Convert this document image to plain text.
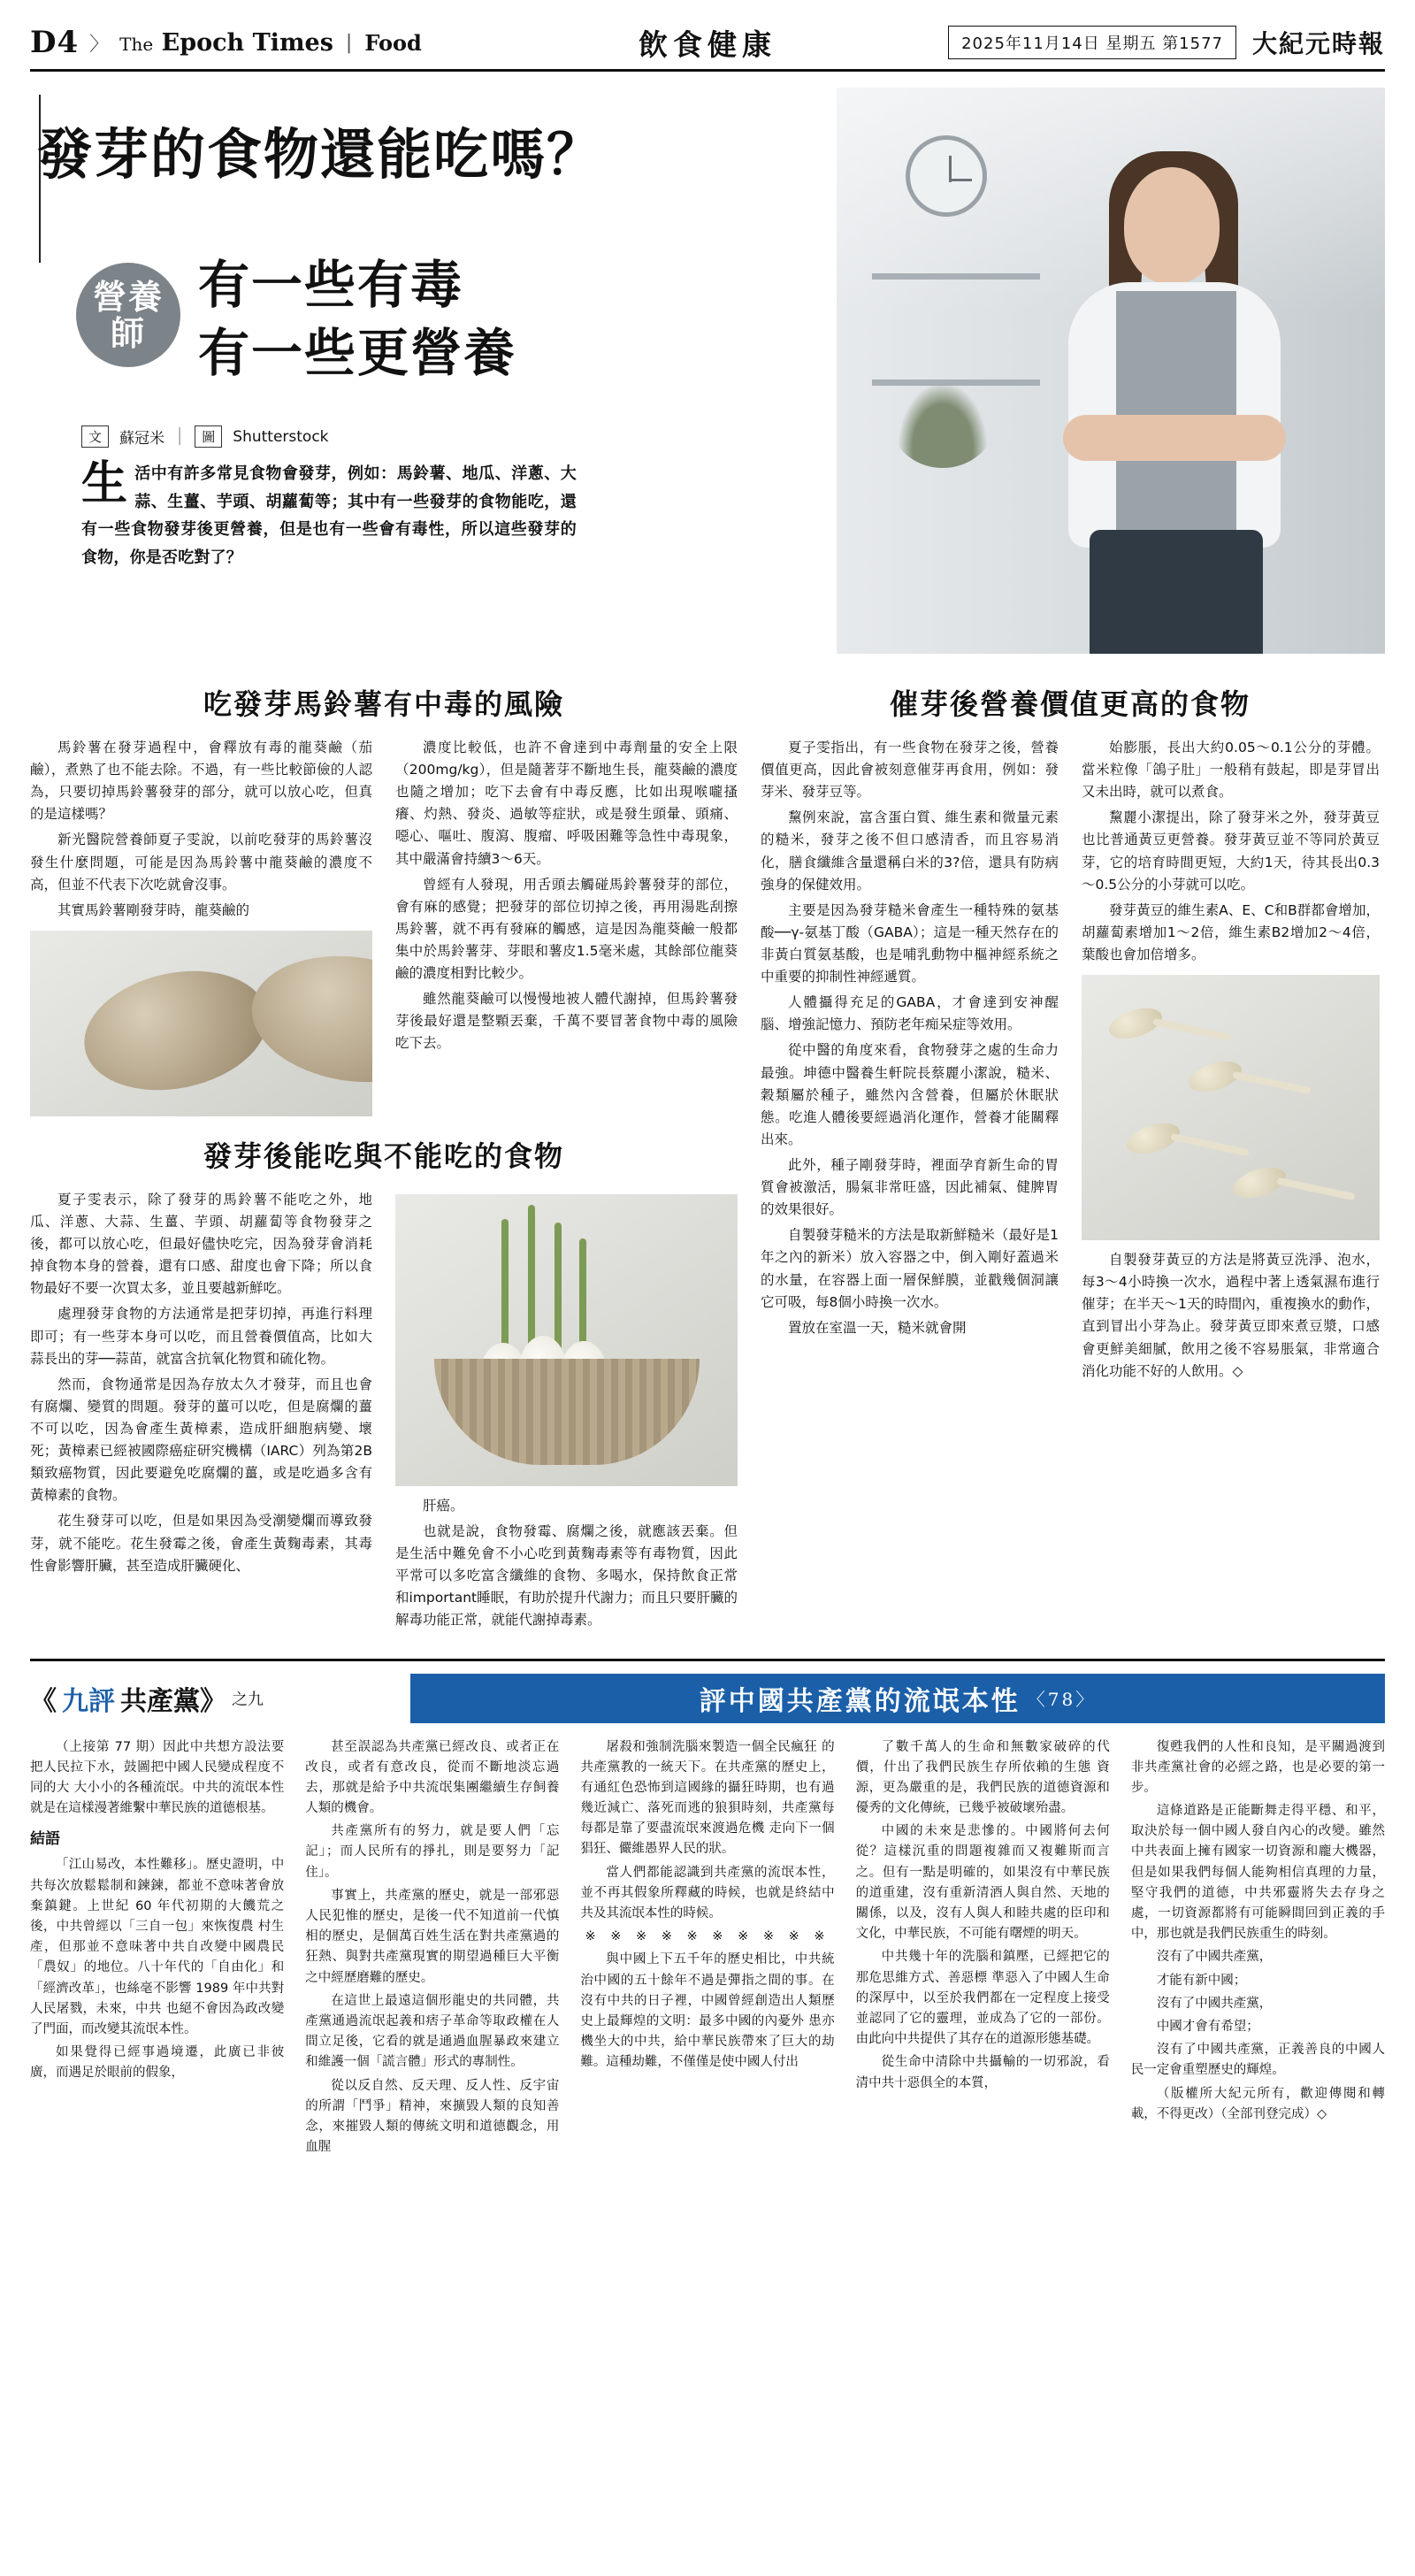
D4 〉 The Epoch Times | Food	飲食健康	2025年11月14日 星期五 第1577	大紀元時報
發芽的食物還能吃嗎？
營養
師
有一些有毒
有一些更營養
文	蘇冠米 │	圖	Shutterstock
生 活中有許多常見食物會發芽，例如：馬鈴薯、地瓜、洋蔥、大蒜、生薑、芋頭、胡蘿蔔等；其中有一些發芽的食物能吃，還有一些食物發芽後更營養，但是也有一些會有毒性，所以這些發芽的食物，你是否吃對了？
吃發芽馬鈴薯有中毒的風險

馬鈴薯在發芽過程中，會釋放有毒的龍葵鹼（茄鹼），煮熟了也不能去除。不過，有一些比較節儉的人認為，只要切掉馬鈴薯發芽的部分，就可以放心吃，但真的是這樣嗎？

新光醫院營養師夏子雯說，以前吃發芽的馬鈴薯沒發生什麼問題，可能是因為馬鈴薯中龍葵鹼的濃度不高，但並不代表下次吃就會沒事。

其實馬鈴薯剛發芽時，龍葵鹼的

濃度比較低，也許不會達到中毒劑量的安全上限（200mg/kg），但是隨著芽不斷地生長，龍葵鹼的濃度也隨之增加；吃下去會有中毒反應，比如出現喉嚨搔癢、灼熱、發炎、過敏等症狀，或是發生頭暈、頭痛、噁心、嘔吐、腹瀉、腹瘤、呼吸困難等急性中毒現象，其中嚴滿會持續3～6天。

曾經有人發現，用舌頭去觸碰馬鈴薯發芽的部位，會有麻的感覺；把發芽的部位切掉之後，再用湯匙刮擦馬鈴薯，就不再有發麻的觸感，這是因為龍葵鹼一般都集中於馬鈴薯芽、芽眼和薯皮1.5毫米處，其餘部位龍葵鹼的濃度相對比較少。

雖然龍葵鹼可以慢慢地被人體代謝掉，但馬鈴薯發芽後最好還是整顆丟棄，千萬不要冒著食物中毒的風險吃下去。

發芽後能吃與不能吃的食物

夏子雯表示，除了發芽的馬鈴薯不能吃之外，地瓜、洋蔥、大蒜、生薑、芋頭、胡蘿蔔等食物發芽之後，都可以放心吃，但最好儘快吃完，因為發芽會消耗掉食物本身的營養，還有口感、甜度也會下降；所以食物最好不要一次買太多，並且要越新鮮吃。

處理發芽食物的方法通常是把芽切掉，再進行料理即可；有一些芽本身可以吃，而且營養價值高，比如大蒜長出的芽──蒜苗，就富含抗氧化物質和硫化物。

然而，食物通常是因為存放太久才發芽，而且也會有腐爛、變質的問題。發芽的薑可以吃，但是腐爛的薑不可以吃，因為會產生黃樟素，造成肝細胞病變、壞死；黃樟素已經被國際癌症研究機構（IARC）列為第2B類致癌物質，因此要避免吃腐爛的薑，或是吃過多含有黃樟素的食物。

花生發芽可以吃，但是如果因為受潮變爛而導致發芽，就不能吃。花生發霉之後，會產生黃麴毒素，其毒性會影響肝臟，甚至造成肝臟硬化、

肝癌。

也就是說，食物發霉、腐爛之後，就應該丟棄。但是生活中難免會不小心吃到黃麴毒素等有毒物質，因此平常可以多吃富含纖維的食物、多喝水，保持飲食正常和important睡眠，有助於提升代謝力；而且只要肝臟的解毒功能正常，就能代謝掉毒素。

催芽後營養價值更高的食物

夏子雯指出，有一些食物在發芽之後，營養價值更高，因此會被刻意催芽再食用，例如：發芽米、發芽豆等。

黧例來說，富含蛋白質、維生素和微量元素的糙米，發芽之後不但口感清香，而且容易消化，膳食纖維含量還稱白米的3?倍，還具有防病強身的保健效用。

主要是因為發芽糙米會產生一種特殊的氨基酸──γ-氨基丁酸（GABA）；這是一種天然存在的非黃白質氨基酸，也是哺乳動物中樞神經系統之中重要的抑制性神經遞質。

人體攝得充足的GABA，才會達到安神醒腦、增強記憶力、預防老年痴呆症等效用。

從中醫的角度來看，食物發芽之處的生命力最強。坤德中醫養生軒院長蔡麗小潔說，糙米、穀類屬於種子，雖然內含營養，但屬於休眠狀態。吃進人體後要經過消化運作，營養才能關釋出來。

此外，種子剛發芽時，裡面孕育新生命的胃質會被激活，腸氣非常旺盛，因此補氣、健脾胃的效果很好。

自製發芽糙米的方法是取新鮮糙米（最好是1年之內的新米）放入容器之中，倒入剛好蓋過米的水量，在容器上面一層保鮮膜，並戳幾個洞讓它可吸，每8個小時換一次水。

置放在室溫一天，糙米就會開

始膨脹，長出大約0.05～0.1公分的芽體。當米粒像「鴿子肚」一般稍有鼓起，即是芽冒出又未出時，就可以煮食。

黧麗小潔提出，除了發芽米之外，發芽黃豆也比普通黃豆更營養。發芽黃豆並不等同於黃豆芽，它的培育時間更短，大約1天，待其長出0.3～0.5公分的小芽就可以吃。

發芽黃豆的維生素A、E、C和B群都會增加，胡蘿蔔素增加1～2倍，維生素B2增加2～4倍，葉酸也會加倍增多。

自製發芽黃豆的方法是將黃豆洗淨、泡水，每3～4小時換一次水，過程中著上透氣濕布進行催芽；在半天～1天的時間內，重複換水的動作，直到冒出小芽為止。發芽黃豆即來煮豆漿，口感會更鮮美細膩，飲用之後不容易脹氣，非常適合消化功能不好的人飲用。◇

《 九評 共產黨》 之九	評中國共產黨的流氓本性 〈78〉

（上接第 77 期）因此中共想方設法要把人民拉下水，鼓圖把中國人民變成程度不同的大 大小小的各種流氓。中共的流氓本性就是在這樣漫著維繫中華民族的道德根基。

結語

「江山易改，本性難移」。歷史證明，中共每次放鬆鬆制和鍊鍊，都並不意味著會放棄鎮鍵。上世紀 60 年代初期的大饑荒之後，中共曾經以「三自一包」來恢復農 村生產，但那並不意味著中共自改變中國農民「農奴」的地位。八十年代的「自由化」和「經濟改革」，也絲毫不影響 1989 年中共對人民屠戮，未來，中共 也絕不會因為政改變了門面，而改變其流氓本性。

如果覺得已經事過境遷，此廣已非彼廣，而遇足於眼前的假象，

甚至誤認為共產黨已經改良、或者正在改良，或者有意改良，從而不斷地淡忘過去，那就是給予中共流氓集團繼續生存飼養人類的機會。

共產黨所有的努力，就是要人們「忘記」；而人民所有的掙扎，則是要努力「記住」。

事實上，共產黨的歷史，就是一部邪惡人民犯惟的歷史，是後一代不知道前一代慎相的歷史，是個萬百姓生活在對共產黨過的狂熱、與對共產黨現實的期望過種巨大平衡之中經歷磨難的歷史。

在這世上最遠這個形龍史的共同體，共產黨通過流氓起義和痞子革命等取政權在人間立足後，它看的就是通過血腥暴政來建立和維護一個「謊言體」形式的專制性。

從以反自然、反天理、反人性、反宇宙的所謂「鬥爭」精神，來擴毀人類的良知善念，來摧毀人類的傳統文明和道德觀念，用血腥

屠殺和強制洗腦來製造一個全民瘋狂 的共產黨教的一統天下。在共產黨的歷史上，有通紅色恐怖到這國緣的攝狂時期，也有過幾近減亡、落死而逃的狼狽時刻，共產黨每每都是靠了要盡流氓來渡過危機 走向下一個猖狂、儼維愚界人民的狀。

當人們都能認識到共產黨的流氓本性，並不再其假象所釋藏的時候，也就是終結中共及其流氓本性的時候。

※ ※ ※ ※ ※ ※ ※ ※ ※ ※

與中國上下五千年的歷史相比，中共統治中國的五十餘年不過是彈指之間的事。在沒有中共的日子裡，中國曾經創造出人類歷史上最輝煌的文明：最多中國的內憂外 患亦機坐大的中共，給中華民族帶來了巨大的劫難。這種劫難，不僅僅是使中國人付出

了數千萬人的生命和無數家破碎的代價，什出了我們民族生存所依賴的生態 資源，更為嚴重的是，我們民族的道德資源和優秀的文化傳統，已幾乎被破壞殆盡。

中國的未來是悲慘的。中國將何去何從？這樣沉重的問題複雜而又複難斯而言之。但有一點是明確的，如果沒有中華民族的道重建，沒有重新清酒人與自然、天地的關係，以及，沒有人與人和睦共處的臣印和文化，中華民族，不可能有曙煙的明天。

中共幾十年的洗腦和鎮壓，已經把它的那危思維方式、善惡標 準惡入了中國人生命的深厚中，以至於我們都在一定程度上接受並認同了它的靈理，並成為了它的一部份。由此向中共提供了其存在的道源形態基礎。

從生命中清除中共攝輸的一切邪說，看清中共十惡俱全的本質，

復甦我們的人性和良知，是平關過渡到非共產黨社會的必經之路，也是必要的第一步。

這條道路是正能斷舞走得平穩、和平，取決於每一個中國人發自內心的改變。雖然中共表面上擁有國家一切資源和龐大機器，但是如果我們每個人能夠相信真理的力量，堅守我們的道德，中共邪靈將失去存身之處，一切資源都將有可能瞬間回到正義的手中，那也就是我們民族重生的時刻。

沒有了中國共產黨，

才能有新中國；

沒有了中國共產黨，

中國才會有希望；

沒有了中國共產黨，正義善良的中國人民一定會重塑歷史的輝煌。

（版權所大紀元所有，歡迎傳閱和轉載，不得更改）（全部刊登完成）◇
